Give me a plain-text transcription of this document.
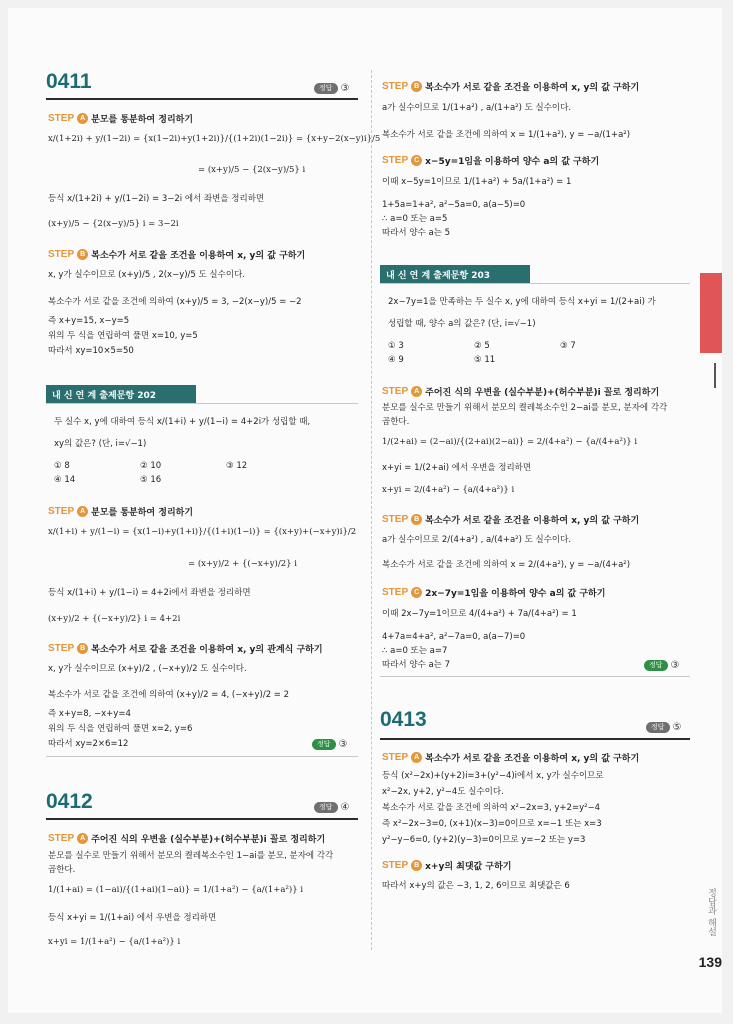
0411	정답 ③
STEP A 분모를 통분하여 정리하기
x/(1+2i) + y/(1−2i) = {x(1−2i)+y(1+2i)}/{(1+2i)(1−2i)} = {x+y−2(x−y)i}/5
= (x+y)/5 − {2(x−y)/5} i
등식 x/(1+2i) + y/(1−2i) = 3−2i 에서 좌변을 정리하면
(x+y)/5 − {2(x−y)/5} i = 3−2i
STEP B 복소수가 서로 같을 조건을 이용하여 x, y의 값 구하기
x, y가 실수이므로 (x+y)/5 , 2(x−y)/5 도 실수이다.
복소수가 서로 같을 조건에 의하여 (x+y)/5 = 3, −2(x−y)/5 = −2
즉 x+y=15, x−y=5
위의 두 식을 연립하여 풀면 x=10, y=5
따라서 xy=10×5=50
내 신 연 계 출제문항 202
두 실수 x, y에 대하여 등식 x/(1+i) + y/(1−i) = 4+2i가 성립할 때,
xy의 값은? (단, i=√−1)
① 8	② 10	③ 12
④ 14	⑤ 16
STEP A 분모를 통분하여 정리하기
x/(1+i) + y/(1−i) = {x(1−i)+y(1+i)}/{(1+i)(1−i)} = {(x+y)+(−x+y)i}/2
= (x+y)/2 + {(−x+y)/2} i
등식 x/(1+i) + y/(1−i) = 4+2i에서 좌변을 정리하면
(x+y)/2 + {(−x+y)/2} i = 4+2i
STEP B 복소수가 서로 같을 조건을 이용하여 x, y의 관계식 구하기
x, y가 실수이므로 (x+y)/2 , (−x+y)/2 도 실수이다.
복소수가 서로 같을 조건에 의하여 (x+y)/2 = 4, (−x+y)/2 = 2
즉 x+y=8, −x+y=4
위의 두 식을 연립하여 풀면 x=2, y=6
따라서 xy=2×6=12	정답 ③
0412	정답 ④
STEP A 주어진 식의 우변을 (실수부분)+(허수부분)i 꼴로 정리하기
분모를 실수로 만들기 위해서 분모의 켤레복소수인 1−ai를 분모, 분자에 각각
곱한다.
1/(1+ai) = (1−ai)/{(1+ai)(1−ai)} = 1/(1+a²) − {a/(1+a²)} i
등식 x+yi = 1/(1+ai) 에서 우변을 정리하면
x+yi = 1/(1+a²) − {a/(1+a²)} i
STEP B 복소수가 서로 같을 조건을 이용하여 x, y의 값 구하기
a가 실수이므로 1/(1+a²) , a/(1+a²) 도 실수이다.
복소수가 서로 같을 조건에 의하여 x = 1/(1+a²), y = −a/(1+a²)
STEP C x−5y=1임을 이용하여 양수 a의 값 구하기
이때 x−5y=1이므로 1/(1+a²) + 5a/(1+a²) = 1
1+5a=1+a², a²−5a=0, a(a−5)=0
∴ a=0 또는 a=5
따라서 양수 a는 5
내 신 연 계 출제문항 203
2x−7y=1을 만족하는 두 실수 x, y에 대하여 등식 x+yi = 1/(2+ai) 가
성립할 때, 양수 a의 값은? (단, i=√−1)
① 3	② 5	③ 7
④ 9	⑤ 11
STEP A 주어진 식의 우변을 (실수부분)+(허수부분)i 꼴로 정리하기
분모를 실수로 만들기 위해서 분모의 켤레복소수인 2−ai를 분모, 분자에 각각
곱한다.
1/(2+ai) = (2−ai)/{(2+ai)(2−ai)} = 2/(4+a²) − {a/(4+a²)} i
x+yi = 1/(2+ai) 에서 우변을 정리하면
x+yi = 2/(4+a²) − {a/(4+a²)} i
STEP B 복소수가 서로 같을 조건을 이용하여 x, y의 값 구하기
a가 실수이므로 2/(4+a²) , a/(4+a²) 도 실수이다.
복소수가 서로 같을 조건에 의하여 x = 2/(4+a²), y = −a/(4+a²)
STEP C 2x−7y=1임을 이용하여 양수 a의 값 구하기
이때 2x−7y=1이므로 4/(4+a²) + 7a/(4+a²) = 1
4+7a=4+a², a²−7a=0, a(a−7)=0
∴ a=0 또는 a=7
따라서 양수 a는 7	정답 ③
0413	정답 ⑤
STEP A 복소수가 서로 같을 조건을 이용하여 x, y의 값 구하기
등식 (x²−2x)+(y+2)i=3+(y²−4)i에서 x, y가 실수이므로
x²−2x, y+2, y²−4도 실수이다.
복소수가 서로 같을 조건에 의하여 x²−2x=3, y+2=y²−4
즉 x²−2x−3=0, (x+1)(x−3)=0이므로 x=−1 또는 x=3
y²−y−6=0, (y+2)(y−3)=0이므로 y=−2 또는 y=3
STEP B x+y의 최댓값 구하기
따라서 x+y의 값은 −3, 1, 2, 6이므로 최댓값은 6
정답과 해설
139
